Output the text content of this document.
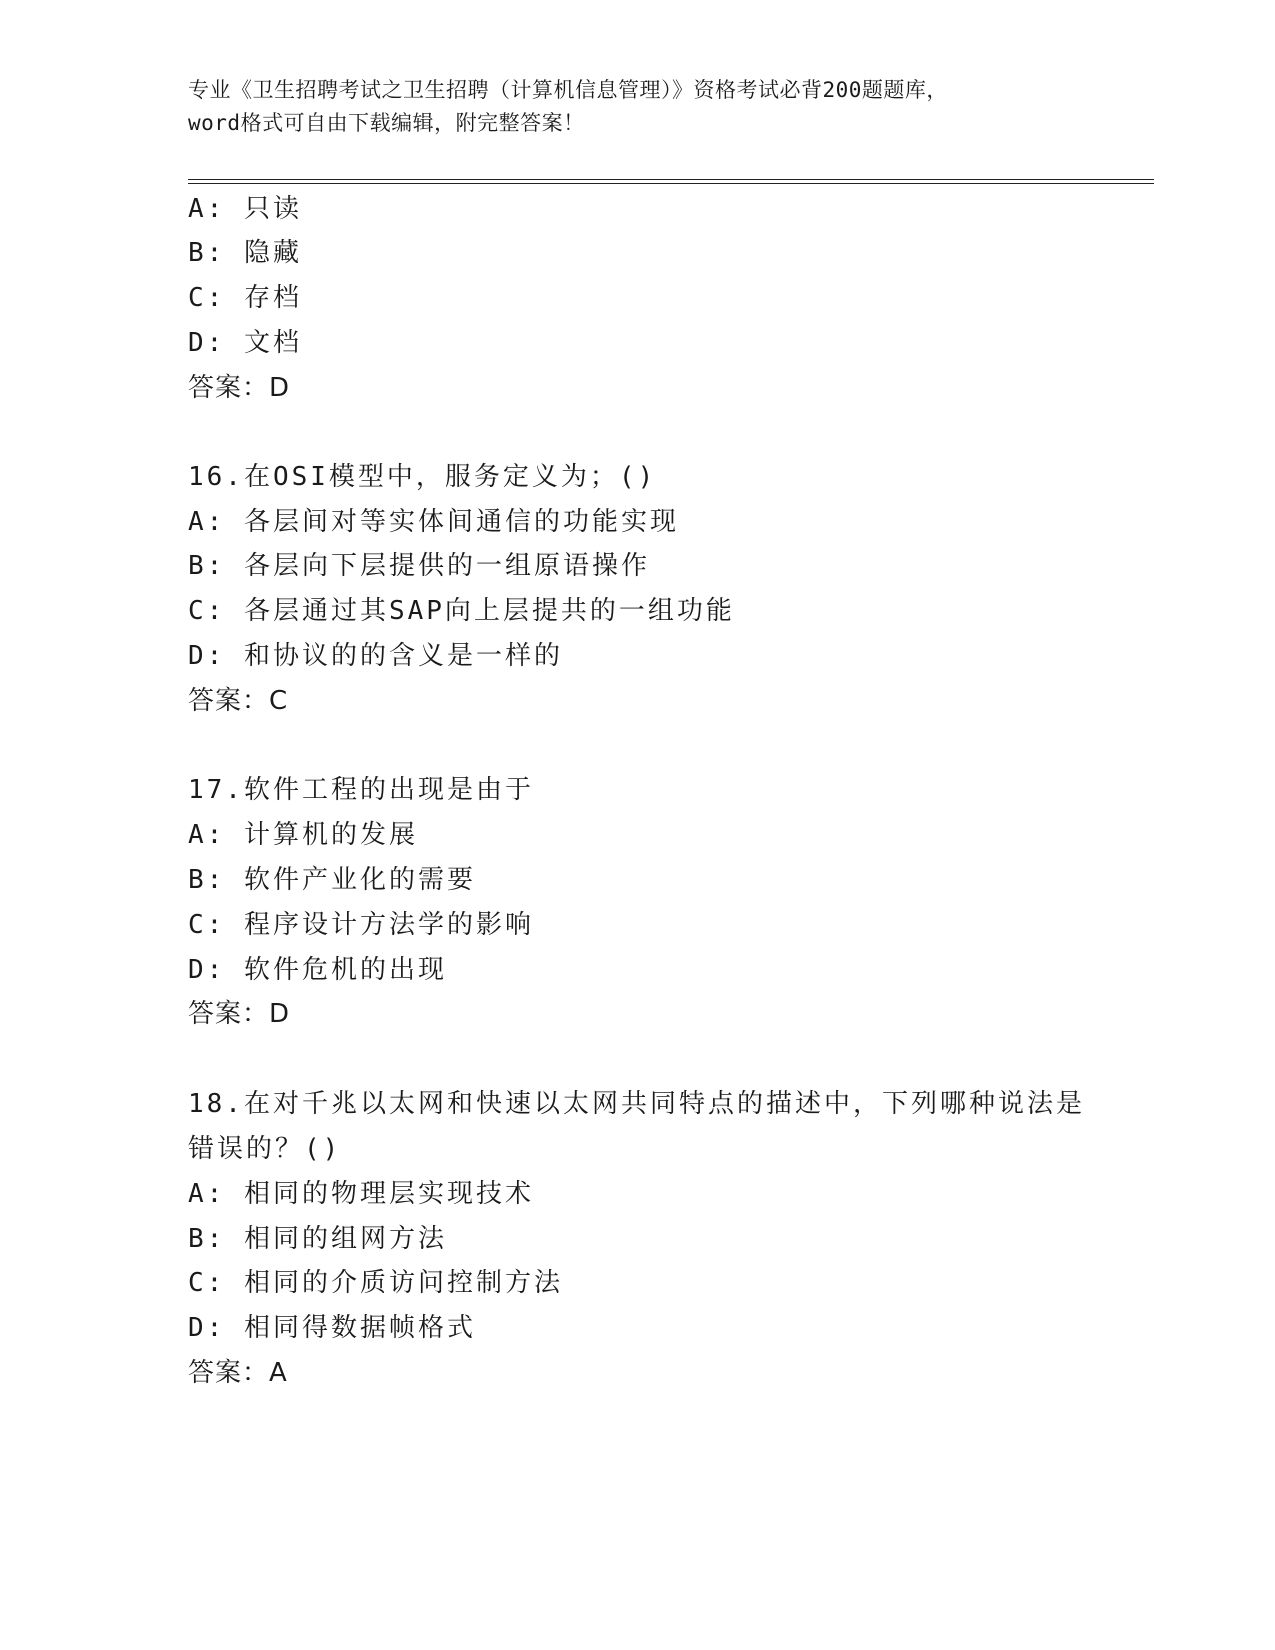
专业《卫生招聘考试之卫生招聘（计算机信息管理）》资格考试必背200题题库，
word格式可自由下载编辑，附完整答案！
A: 只读
B: 隐藏
C: 存档
D: 文档
答案：D
16.在OSI模型中，服务定义为；()
A: 各层间对等实体间通信的功能实现
B: 各层向下层提供的一组原语操作
C: 各层通过其SAP向上层提共的一组功能
D: 和协议的的含义是一样的
答案：C
17.软件工程的出现是由于
A: 计算机的发展
B: 软件产业化的需要
C: 程序设计方法学的影响
D: 软件危机的出现
答案：D
18.在对千兆以太网和快速以太网共同特点的描述中，下列哪种说法是
错误的？()
A: 相同的物理层实现技术
B: 相同的组网方法
C: 相同的介质访问控制方法
D: 相同得数据帧格式
答案：A
